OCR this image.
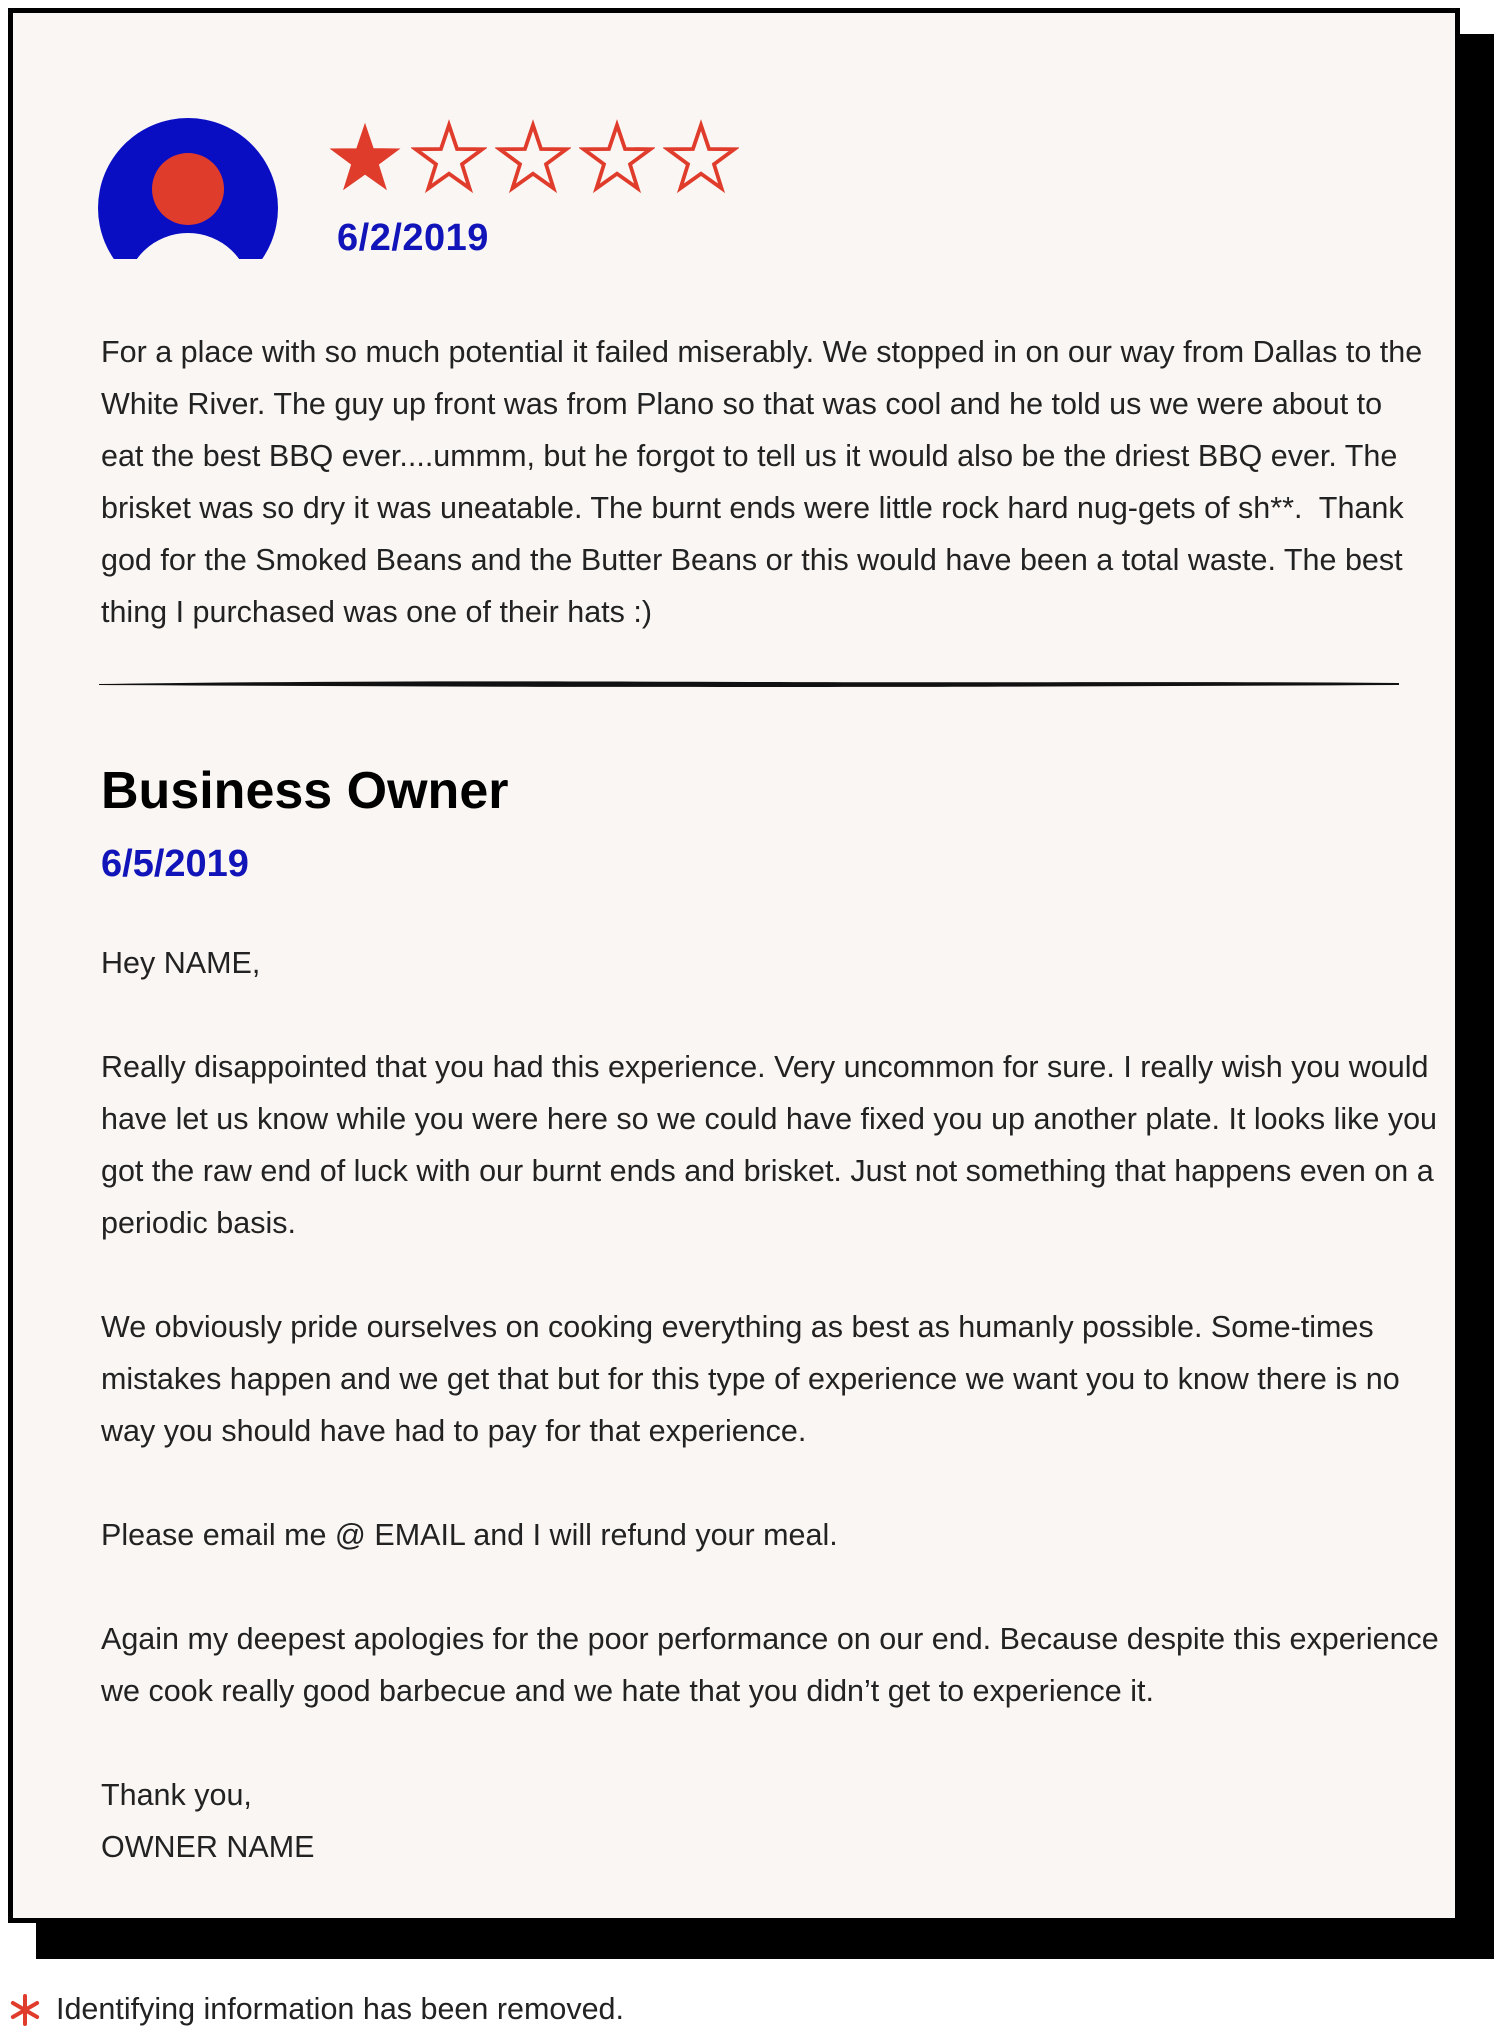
6/2/2019

For a place with so much potential it failed miserably. We stopped in on our way from Dallas to the White River. The guy up front was from Plano so that was cool and he told us we were about to eat the best BBQ ever....ummm, but he forgot to tell us it would also be the driest BBQ ever. The brisket was so dry it was uneatable. The burnt ends were little rock hard nug-gets of sh**.  Thank god for the Smoked Beans and the Butter Beans or this would have been a total waste. The best thing I purchased was one of their hats :)

Business Owner
6/5/2019

Hey NAME,

Really disappointed that you had this experience. Very uncommon for sure. I really wish you would have let us know while you were here so we could have fixed you up another plate. It looks like you got the raw end of luck with our burnt ends and brisket. Just not something that happens even on a periodic basis.

We obviously pride ourselves on cooking everything as best as humanly possible. Some-times mistakes happen and we get that but for this type of experience we want you to know there is no way you should have had to pay for that experience.

Please email me @ EMAIL and I will refund your meal.

Again my deepest apologies for the poor performance on our end. Because despite this experience we cook really good barbecue and we hate that you didn’t get to experience it.

Thank you,
OWNER NAME

Identifying information has been removed.
